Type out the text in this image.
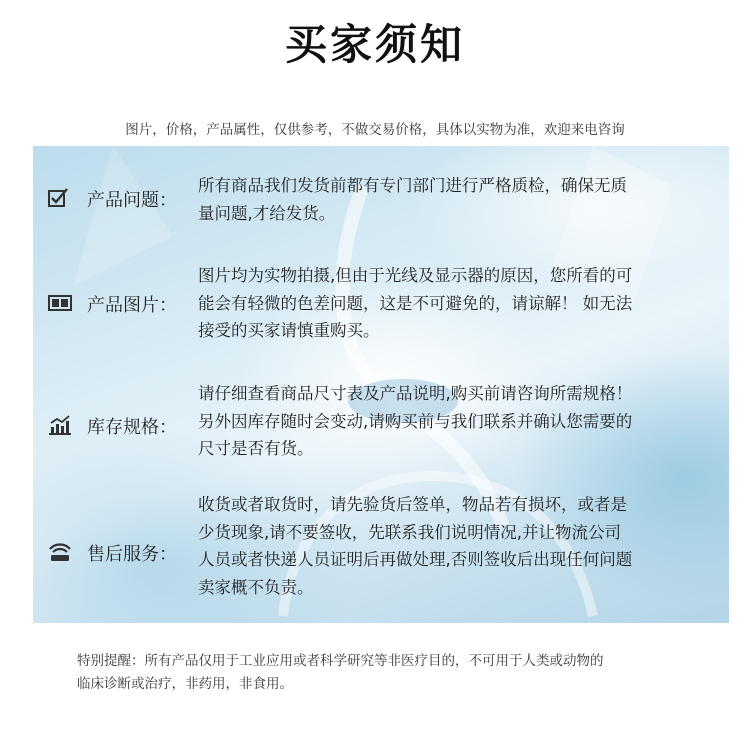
买家须知
图片，价格，产品属性，仅供参考，不做交易价格，具体以实物为准，欢迎来电咨询
产品问题：
所有商品我们发货前都有专门部门进行严格质检，确保无质
量问题,才给发货。
产品图片：
图片均为实物拍摄,但由于光线及显示器的原因，您所看的可
能会有轻微的色差问题，这是不可避免的，请谅解！ 如无法
接受的买家请慎重购买。
库存规格：
请仔细查看商品尺寸表及产品说明,购买前请咨询所需规格！
另外因库存随时会变动,请购买前与我们联系并确认您需要的
尺寸是否有货。
售后服务：
收货或者取货时，请先验货后签单，物品若有损坏，或者是
少货现象,请不要签收，先联系我们说明情况,并让物流公司
人员或者快递人员证明后再做处理,否则签收后出现任何问题
卖家概不负责。
特别提醒：所有产品仅用于工业应用或者科学研究等非医疗目的，不可用于人类或动物的
临床诊断或治疗，非药用，非食用。
